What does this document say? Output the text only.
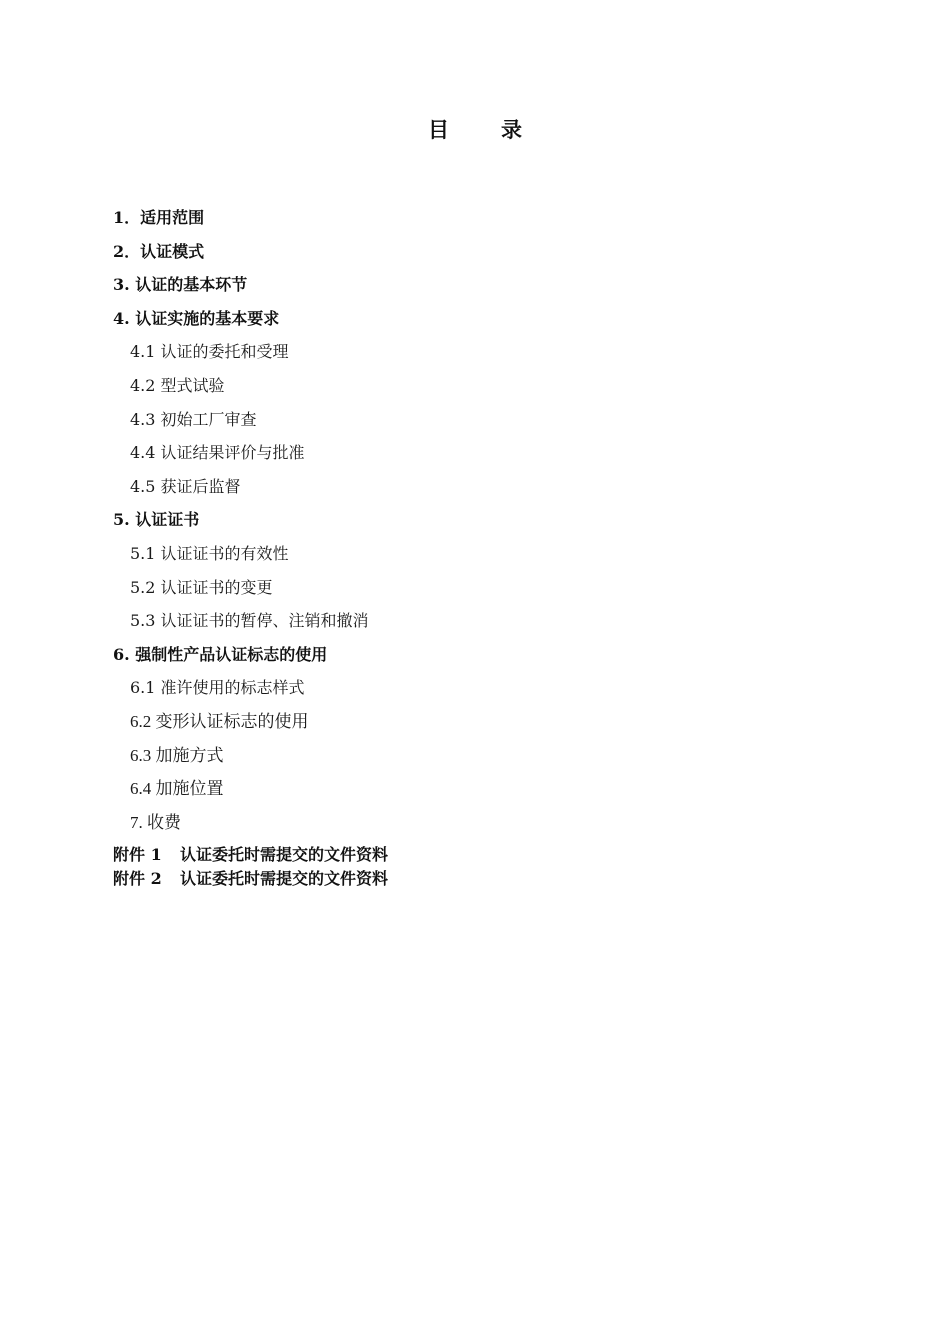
目 录
1．适用范围
2．认证模式
3. 认证的基本环节
4. 认证实施的基本要求
4.1 认证的委托和受理
4.2 型式试验
4.3 初始工厂审查
4.4 认证结果评价与批准
4.5 获证后监督
5. 认证证书
5.1 认证证书的有效性
5.2 认证证书的变更
5.3 认证证书的暂停、注销和撤消
6. 强制性产品认证标志的使用
6.1 准许使用的标志样式
6.2 变形认证标志的使用
6.3 加施方式
6.4 加施位置
7. 收费
附件 1 认证委托时需提交的文件资料
附件 2 认证委托时需提交的文件资料
